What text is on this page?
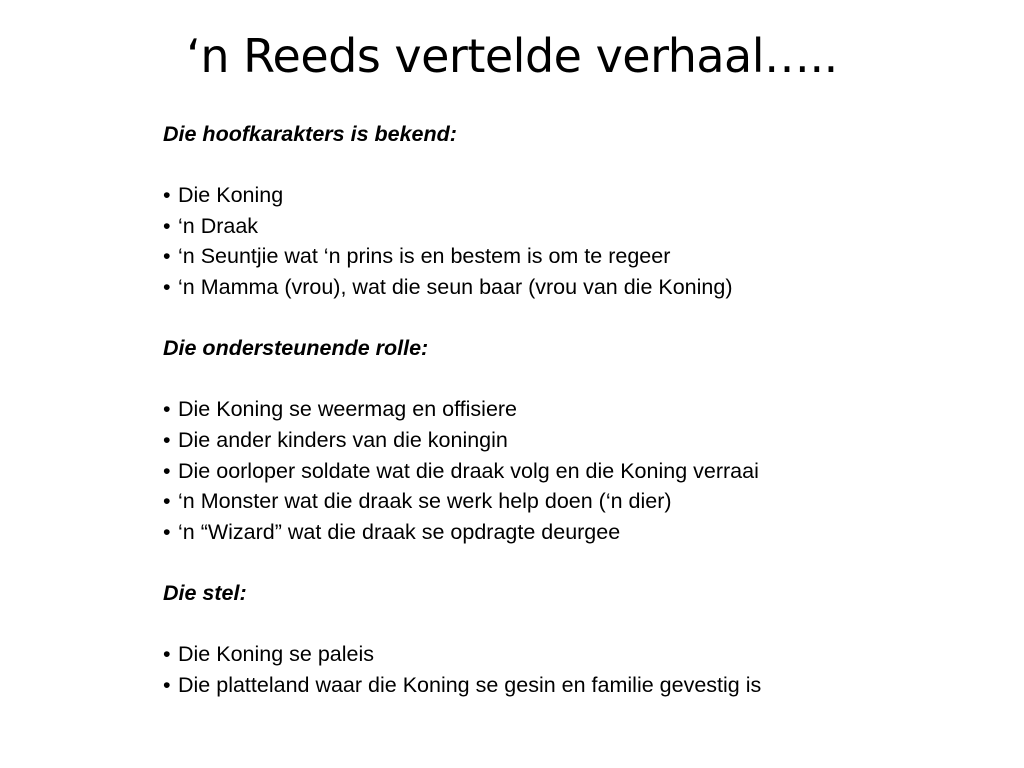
‘n Reeds vertelde verhaal…..

Die hoofkarakters is bekend:

• Die Koning
• ‘n Draak
• ‘n Seuntjie wat ‘n prins is en bestem is om te regeer
• ‘n Mamma (vrou), wat die seun baar (vrou van die Koning)

Die ondersteunende rolle:

• Die Koning se weermag en offisiere
• Die ander kinders van die koningin
• Die oorloper soldate wat die draak volg en die Koning verraai
• ‘n Monster wat die draak se werk help doen (‘n dier)
• ‘n “Wizard” wat die draak se opdragte deurgee

Die stel:

• Die Koning se paleis
• Die platteland waar die Koning se gesin en familie gevestig is
